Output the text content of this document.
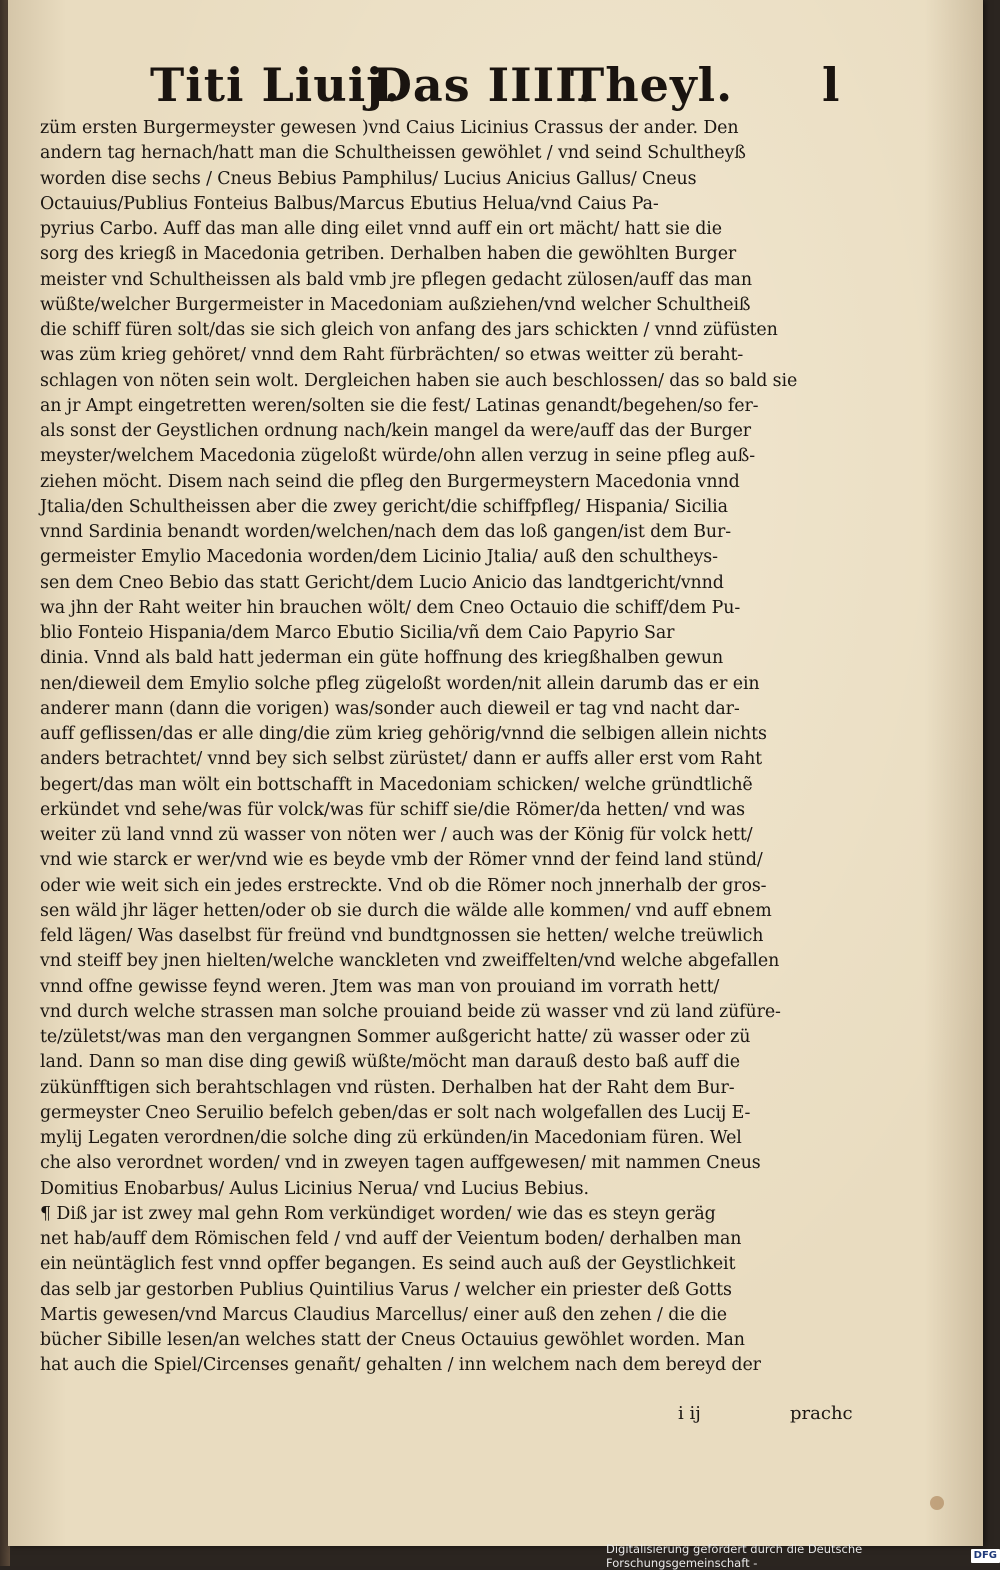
Titi Liuij.
Das IIII.
Theyl. l
züm ersten Burgermeyster gewesen )vnd Caius Licinius Crassus der ander. Den
andern tag hernach/hatt man die Schultheissen gewöhlet / vnd seind Schultheyß
worden dise sechs / Cneus Bebius Pamphilus/ Lucius Anicius Gallus/ Cneus
Octauius/Publius Fonteius Balbus/Marcus Ebutius Helua/vnd Caius Pa-
pyrius Carbo. Auff das man alle ding eilet vnnd auff ein ort mächt/ hatt sie die
sorg des kriegß in Macedonia getriben. Derhalben haben die gewöhlten Burger
meister vnd Schultheissen als bald vmb jre pflegen gedacht zülosen/auff das man
wüßte/welcher Burgermeister in Macedoniam außziehen/vnd welcher Schultheiß
die schiff füren solt/das sie sich gleich von anfang des jars schickten / vnnd züfüsten
was züm krieg gehöret/ vnnd dem Raht fürbrächten/ so etwas weitter zü beraht-
schlagen von nöten sein wolt. Dergleichen haben sie auch beschlossen/ das so bald sie
an jr Ampt eingetretten weren/solten sie die fest/ Latinas genandt/begehen/so fer-
als sonst der Geystlichen ordnung nach/kein mangel da were/auff das der Burger
meyster/welchem Macedonia zügeloßt würde/ohn allen verzug in seine pfleg auß-
ziehen möcht. Disem nach seind die pfleg den Burgermeystern Macedonia vnnd
Jtalia/den Schultheissen aber die zwey gericht/die schiffpfleg/ Hispania/ Sicilia
vnnd Sardinia benandt worden/welchen/nach dem das loß gangen/ist dem Bur-
germeister Emylio Macedonia worden/dem Licinio Jtalia/ auß den schultheys-
sen dem Cneo Bebio das statt Gericht/dem Lucio Anicio das landtgericht/vnnd
wa jhn der Raht weiter hin brauchen wölt/ dem Cneo Octauio die schiff/dem Pu-
blio Fonteio Hispania/dem Marco Ebutio Sicilia/vñ dem Caio Papyrio Sar
dinia. Vnnd als bald hatt jederman ein güte hoffnung des kriegßhalben gewun
nen/dieweil dem Emylio solche pfleg zügeloßt worden/nit allein darumb das er ein
anderer mann (dann die vorigen) was/sonder auch dieweil er tag vnd nacht dar-
auff geflissen/das er alle ding/die züm krieg gehörig/vnnd die selbigen allein nichts
anders betrachtet/ vnnd bey sich selbst zürüstet/ dann er auffs aller erst vom Raht
begert/das man wölt ein bottschafft in Macedoniam schicken/ welche gründtlichẽ
erkündet vnd sehe/was für volck/was für schiff sie/die Römer/da hetten/ vnd was
weiter zü land vnnd zü wasser von nöten wer / auch was der König für volck hett/
vnd wie starck er wer/vnd wie es beyde vmb der Römer vnnd der feind land stünd/
oder wie weit sich ein jedes erstreckte. Vnd ob die Römer noch jnnerhalb der gros-
sen wäld jhr läger hetten/oder ob sie durch die wälde alle kommen/ vnd auff ebnem
feld lägen/ Was daselbst für freünd vnd bundtgnossen sie hetten/ welche treüwlich
vnd steiff bey jnen hielten/welche wanckleten vnd zweiffelten/vnd welche abgefallen
vnnd offne gewisse feynd weren. Jtem was man von prouiand im vorrath hett/
vnd durch welche strassen man solche prouiand beide zü wasser vnd zü land züfüre-
te/zületst/was man den vergangnen Sommer außgericht hatte/ zü wasser oder zü
land. Dann so man dise ding gewiß wüßte/möcht man darauß desto baß auff die
zükünfftigen sich berahtschlagen vnd rüsten. Derhalben hat der Raht dem Bur-
germeyster Cneo Seruilio befelch geben/das er solt nach wolgefallen des Lucij E-
mylij Legaten verordnen/die solche ding zü erkünden/in Macedoniam füren. Wel
che also verordnet worden/ vnd in zweyen tagen auffgewesen/ mit nammen Cneus
Domitius Enobarbus/ Aulus Licinius Nerua/ vnd Lucius Bebius.
¶ Diß jar ist zwey mal gehn Rom verkündiget worden/ wie das es steyn geräg
net hab/auff dem Römischen feld / vnd auff der Veientum boden/ derhalben man
ein neüntäglich fest vnnd opffer begangen. Es seind auch auß der Geystlichkeit
das selb jar gestorben Publius Quintilius Varus / welcher ein priester deß Gotts
Martis gewesen/vnd Marcus Claudius Marcellus/ einer auß den zehen / die die
bücher Sibille lesen/an welches statt der Cneus Octauius gewöhlet worden. Man
hat auch die Spiel/Circenses genañt/ gehalten / inn welchem nach dem bereyd der
i ij	prachc
Digitalisierung gefördert durch die Deutsche Forschungsgemeinschaft -
DFG
